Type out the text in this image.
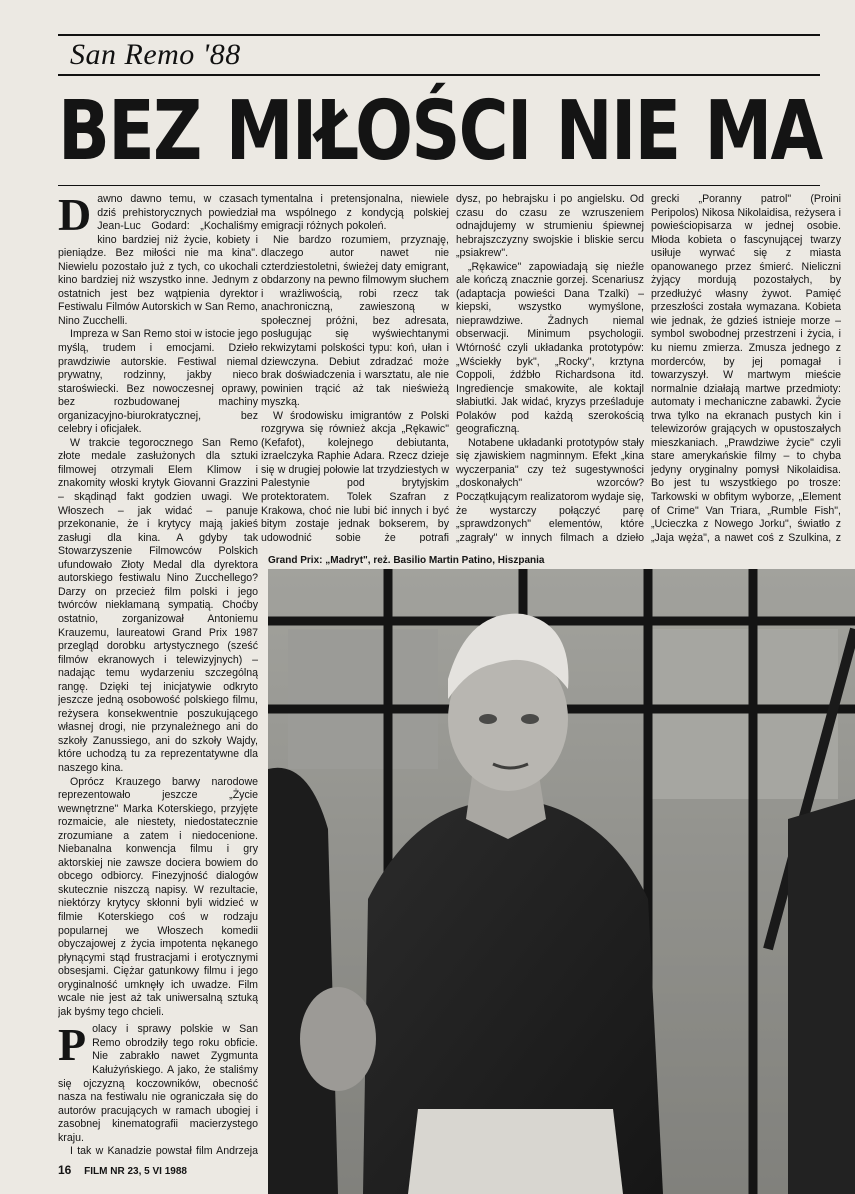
San Remo '88
BEZ MIŁOŚCI NIE MA

Dawno dawno temu, w czasach dziś prehistorycznych powiedział Jean-Luc Godard: „Kochaliśmy kino bardziej niż życie, kobiety i pieniądze. Bez miłości nie ma kina". Niewielu pozostało już z tych, co ukochali kino bardziej niż wszystko inne. Jednym z ostatnich jest bez wątpienia dyrektor Festiwalu Filmów Autorskich w San Remo, Nino Zucchelli.

Impreza w San Remo stoi w istocie jego myślą, trudem i emocjami. Dzieło prawdziwie autorskie. Festiwal niemal prywatny, rodzinny, jakby nieco staroświecki. Bez nowoczesnej oprawy, bez rozbudowanej machiny organizacyjno-biurokratycznej, bez celebry i oficjałek.

W trakcie tegorocznego San Remo złote medale zasłużonych dla sztuki filmowej otrzymali Elem Klimow i znakomity włoski krytyk Giovanni Grazzini – skądinąd fakt godzien uwagi. We Włoszech – jak widać – panuje przekonanie, że i krytycy mają jakieś zasługi dla kina. A gdyby tak Stowarzyszenie Filmowców Polskich ufundowało Złoty Medal dla dyrektora autorskiego festiwalu Nino Zucchellego? Darzy on przecież film polski i jego twórców niekłamaną sympatią. Choćby ostatnio, zorganizował Antoniemu Krauzemu, laureatowi Grand Prix 1987 przegląd dorobku artystycznego (sześć filmów ekranowych i telewizyjnych) – nadając temu wydarzeniu szczególną rangę. Dzięki tej inicjatywie odkryto jeszcze jedną osobowość polskiego filmu, reżysera konsekwentnie poszukującego własnej drogi, nie przynależnego ani do szkoły Zanussiego, ani do szkoły Wajdy, które uchodzą tu za reprezentatywne dla naszego kina.

Oprócz Krauzego barwy narodowe reprezentowało jeszcze „Życie wewnętrzne" Marka Koterskiego, przyjęte rozmaicie, ale niestety, niedostatecznie zrozumiane a zatem i niedocenione. Niebanalna konwencja filmu i gry aktorskiej nie zawsze dociera bowiem do obcego odbiorcy. Finezyjność dialogów skutecznie niszczą napisy. W rezultacie, niektórzy krytycy skłonni byli widzieć w filmie Koterskiego coś w rodzaju popularnej we Włoszech komedii obyczajowej z życia impotenta nękanego płynącymi stąd frustracjami i erotycznymi obsesjami. Ciężar gatunkowy filmu i jego oryginalność umknęły ich uwadze. Film wcale nie jest aż tak uniwersalną sztuką jak byśmy tego chcieli.

Polacy i sprawy polskie w San Remo obrodziły tego roku obficie. Nie zabrakło nawet Zygmunta Kałużyńskiego. A jako, że staliśmy się ojczyzną koczowników, obecność nasza na festiwalu nie ograniczała się do autorów pracujących w ramach ubogiej i zasobnej kinematografii macierzystego kraju.

I tak w Kanadzie powstał film Andrzeja

tymentalna i pretensjonalna, niewiele ma wspólnego z kondycją polskiej emigracji różnych pokoleń.

Nie bardzo rozumiem, przyznaję, dlaczego autor nawet nie czterdziestoletni, świeżej daty emigrant, obdarzony na pewno filmowym słuchem i wrażliwością, robi rzecz tak anachroniczną, zawieszoną w społecznej próżni, bez adresata, posługując się wyświechtanymi rekwizytami polskości typu: koń, ułan i dziewczyna. Debiut zdradzać może brak doświadczenia i warsztatu, ale nie powinien trącić aż tak nieświeżą myszką.

W środowisku imigrantów z Polski rozgrywa się również akcja „Rękawic" (Kefafot), kolejnego debiutanta, izraelczyka Raphie Adara. Rzecz dzieje się w drugiej połowie lat trzydziestych w Palestynie pod brytyjskim protektoratem. Tolek Szafran z Krakowa, choć nie lubi bić innych i być bitym zostaje jednak bokserem, by udowodnić sobie że potrafi

dysz, po hebrajsku i po angielsku. Od czasu do czasu ze wzruszeniem odnajdujemy w strumieniu śpiewnej hebrajszczyzny swojskie i bliskie sercu „psiakrew".

„Rękawice" zapowiadają się nieźle ale kończą znacznie gorzej. Scenariusz (adaptacja powieści Dana Tzalki) – kiepski, wszystko wymyślone, nieprawdziwe. Żadnych niemal obserwacji. Minimum psychologii. Wtórność czyli układanka prototypów: „Wściekły byk", „Rocky", krztyna Coppoli, źdźbło Richardsona itd. Ingrediencje smakowite, ale koktajl słabiutki. Jak widać, kryzys prześladuje Polaków pod każdą szerokością geograficzną.

Notabene układanki prototypów stały się zjawiskiem nagminnym. Efekt „kina wyczerpania" czy też sugestywności „doskonałych" wzorców? Początkującym realizatorom wydaje się, że wystarczy połączyć parę „sprawdzonych" elementów, które „zagrały" w innych filmach a dzieło

grecki „Poranny patrol" (Proini Peripolos) Nikosa Nikolaidisa, reżysera i powieściopisarza w jednej osobie. Młoda kobieta o fascynującej twarzy usiłuje wyrwać się z miasta opanowanego przez śmierć. Nieliczni żyjący mordują pozostałych, by przedłużyć własny żywot. Pamięć przeszłości została wymazana. Kobieta wie jednak, że gdzieś istnieje morze – symbol swobodnej przestrzeni i życia, i ku niemu zmierza. Zmusza jednego z morderców, by jej pomagał i towarzyszył. W martwym mieście normalnie działają martwe przedmioty: automaty i mechaniczne zabawki. Życie trwa tylko na ekranach pustych kin i telewizorów grających w opustoszałych mieszkaniach. „Prawdziwe życie" czyli stare amerykańskie filmy – to chyba jedyny oryginalny pomysł Nikolaidisa. Bo jest tu wszystkiego po trosze: Tarkowski w obfitym wyborze, „Element of Crime" Van Triara, „Rumble Fish", „Ucieczka z Nowego Jorku", światło z „Jaja węża", a nawet coś z Szulkina, z

Grand Prix: „Madryt", reż. Basilio Martin Patino, Hiszpania
16 FILM NR 23, 5 VI 1988
